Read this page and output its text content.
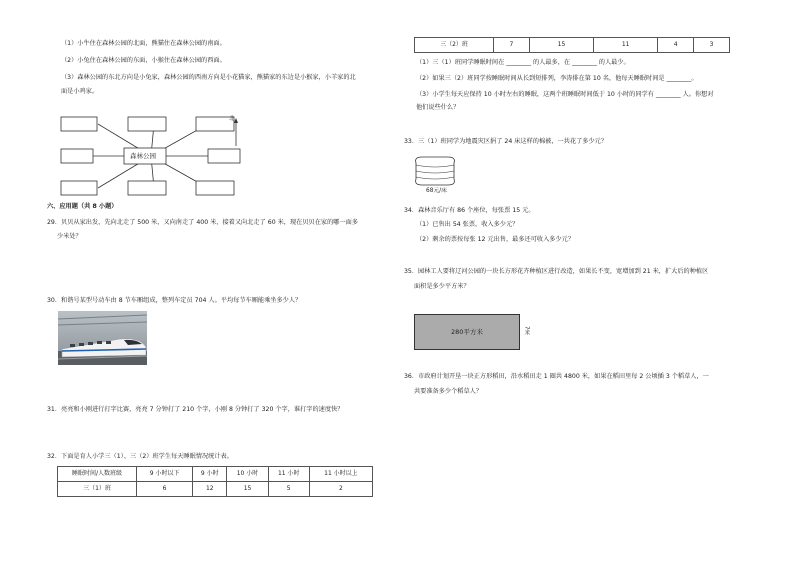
（1）小牛住在森林公园的北面，熊猫住在森林公园的南面。
（2）小兔住在森林公园的东面，小猴住在森林公园的西面。
（3）森林公园的东北方向是小兔家，森林公园的西南方向是小花猫家，熊猫家的东边是小猴家，小羊家的北
面是小鸡家。
森林公园
北
六、应用题（共 8 小题）
29．贝贝从家出发，先向北走了 500 米，又向南走了 400 米，接着又向北走了 60 米，现在贝贝在家的哪一面多
少米处？
30．和谐号某型号动车由 8 节车厢组成，整列车定员 704 人。平均每节车厢能乘坐多少人？
31．亮亮和小刚进行打字比赛，亮亮 7 分钟打了 210 个字，小刚 8 分钟打了 320 个字，谁打字的速度快？
32．下面是育人小学三（1）、三（2）班学生每天睡眠情况统计表。
睡眠时间/人数班级	9 小时以下	9 小时	10 小时	11 小时	11 小时以上
三（1）班	6	12	15	5	2
三（2）班	7	15	11	4	3
（1）三（1）班同学睡眠时间在 ________ 的人最多，在 ________ 的人最少。
（2）如果三（2）班同学按睡眠时间从长到短排列，李涛排在第 10 名，他每天睡眠时间是 ________。
（3）小学生每天应保持 10 小时左右的睡眠，这两个班睡眠时间低于 10 小时的同学有 ________ 人。你想对
他们说些什么？
33．三（1）班同学为地震灾区捐了 24 床这样的棉被，一共花了多少元？
68元/床
34．森林音乐厅有 86 个座位，每张票 15 元。
（1）已售出 54 张票，收入多少元？
（2）剩余的票按每张 12 元出售，最多还可收入多少元？
35．园林工人要将辽河公园的一块长方形花卉种植区进行改造，如果长不变，宽增加到 21 米，扩大后的种植区
面积是多少平方米？
280平方米	7米
36．市政府计划开垦一块正方形稻田，沿水稻田走 1 圈共 4800 米，如果在稻田里每 2 公顷插 3 个稻草人，一
共要准备多少个稻草人？
